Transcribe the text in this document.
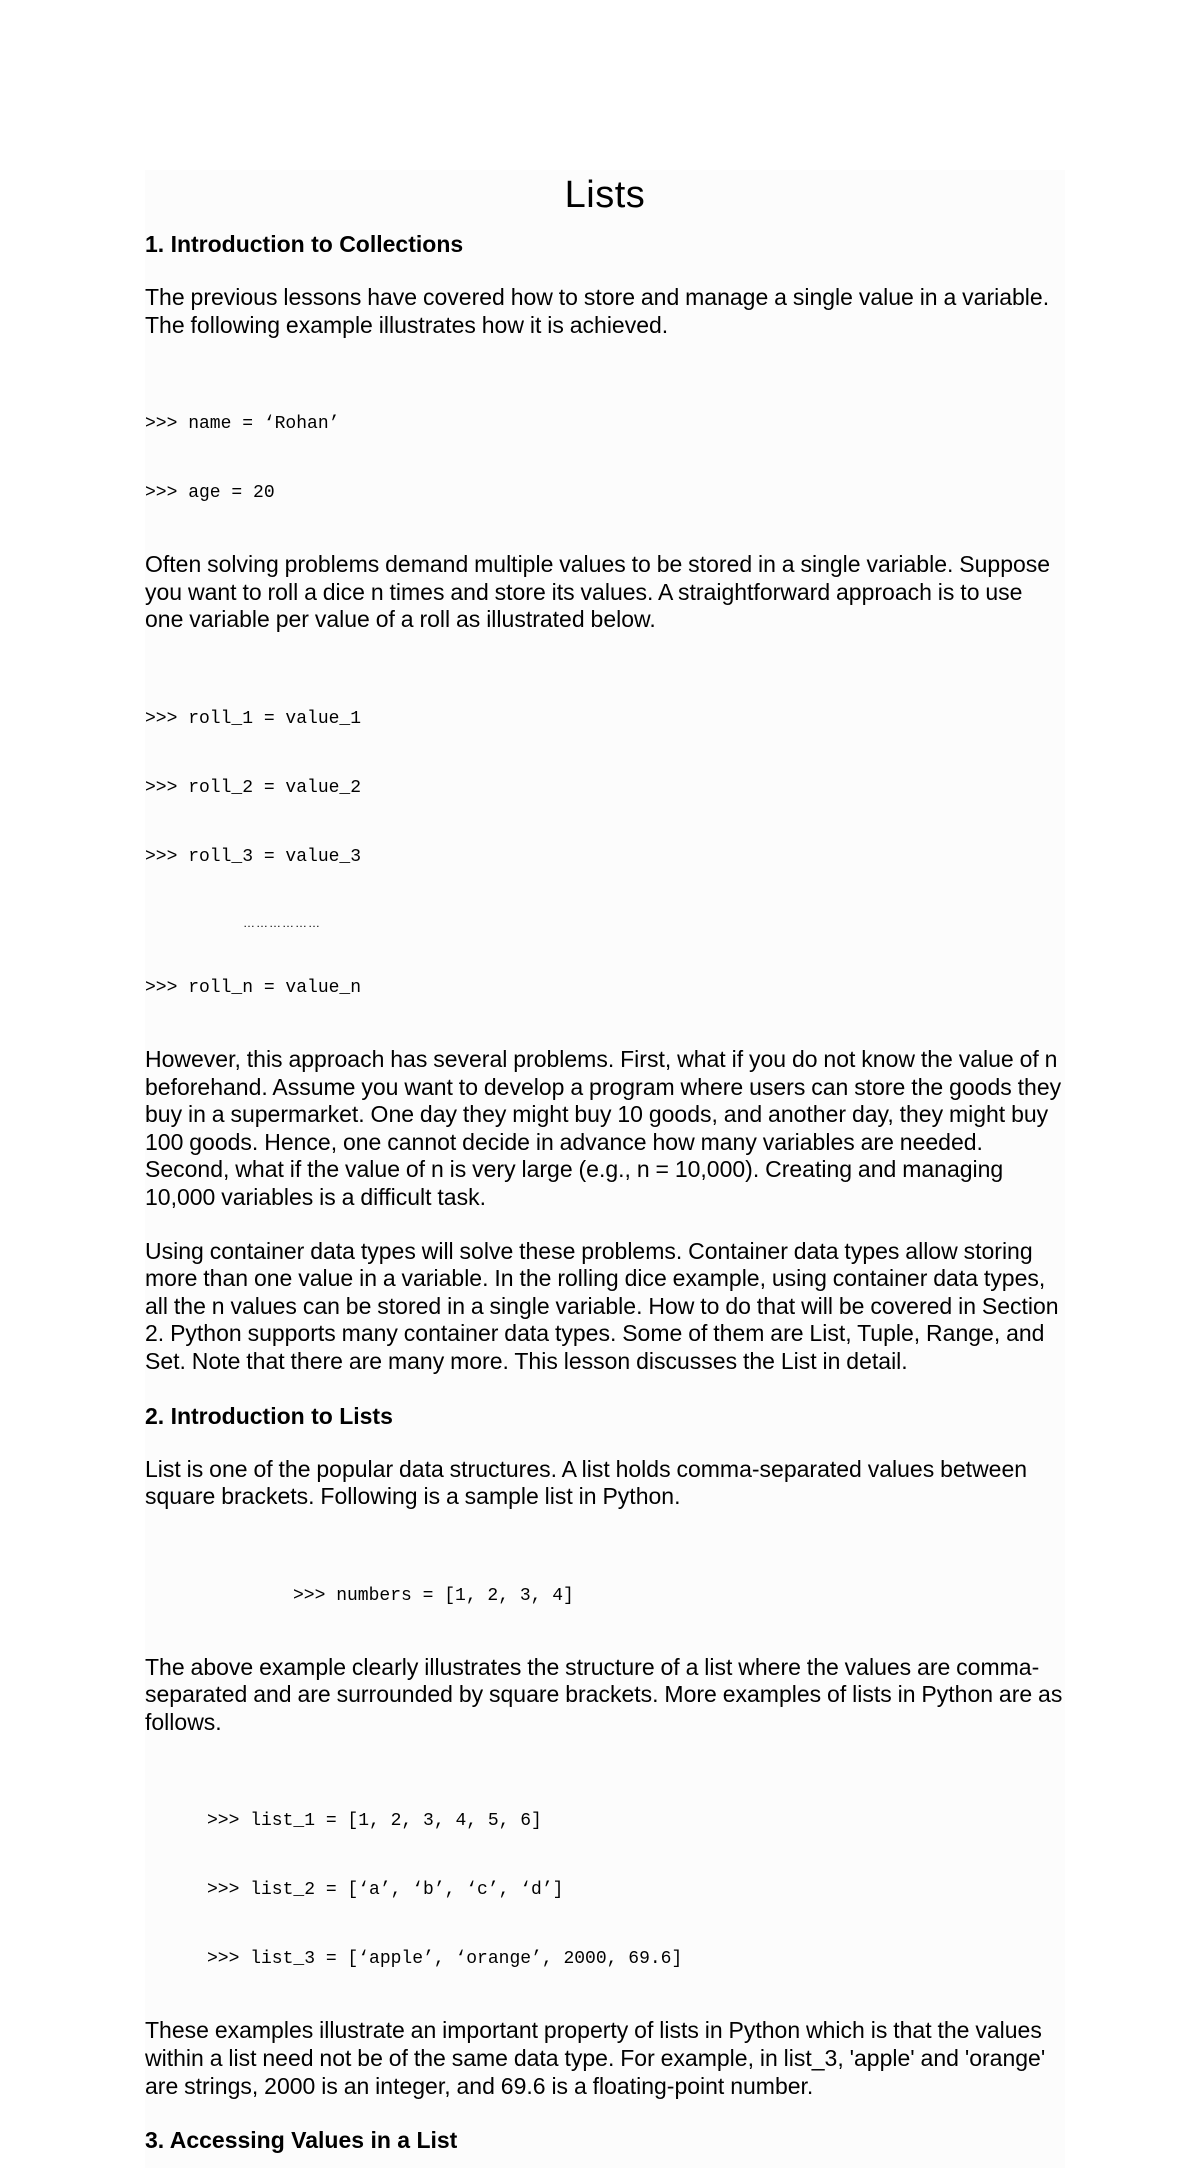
Lists
1. Introduction to Collections

The previous lessons have covered how to store and manage a single value in a variable. The following example illustrates how it is achieved.

>>> name = ‘Rohan’

>>> age = 20

Often solving problems demand multiple values to be stored in a single variable. Suppose you want to roll a dice n times and store its values. A straightforward approach is to use one variable per value of a roll as illustrated below.

>>> roll_1 = value_1

>>> roll_2 = value_2

>>> roll_3 = value_3

………………

>>> roll_n = value_n

However, this approach has several problems. First, what if you do not know the value of n beforehand. Assume you want to develop a program where users can store the goods they buy in a supermarket. One day they might buy 10 goods, and another day, they might buy 100 goods. Hence, one cannot decide in advance how many variables are needed. Second, what if the value of n is very large (e.g., n = 10,000). Creating and managing 10,000 variables is a difficult task.

Using container data types will solve these problems. Container data types allow storing more than one value in a variable. In the rolling dice example, using container data types, all the n values can be stored in a single variable. How to do that will be covered in Section 2. Python supports many container data types. Some of them are List, Tuple, Range, and Set. Note that there are many more. This lesson discusses the List in detail.

2. Introduction to Lists

List is one of the popular data structures. A list holds comma-separated values between square brackets. Following is a sample list in Python.

>>> numbers = [1, 2, 3, 4]

The above example clearly illustrates the structure of a list where the values are comma-separated and are surrounded by square brackets. More examples of lists in Python are as follows.

>>> list_1 = [1, 2, 3, 4, 5, 6]

>>> list_2 = [‘a’, ‘b’, ‘c’, ‘d’]

>>> list_3 = [‘apple’, ‘orange’, 2000, 69.6]

These examples illustrate an important property of lists in Python which is that the values within a list need not be of the same data type. For example, in list_3, 'apple' and 'orange' are strings, 2000 is an integer, and 69.6 is a floating-point number.

3. Accessing Values in a List
